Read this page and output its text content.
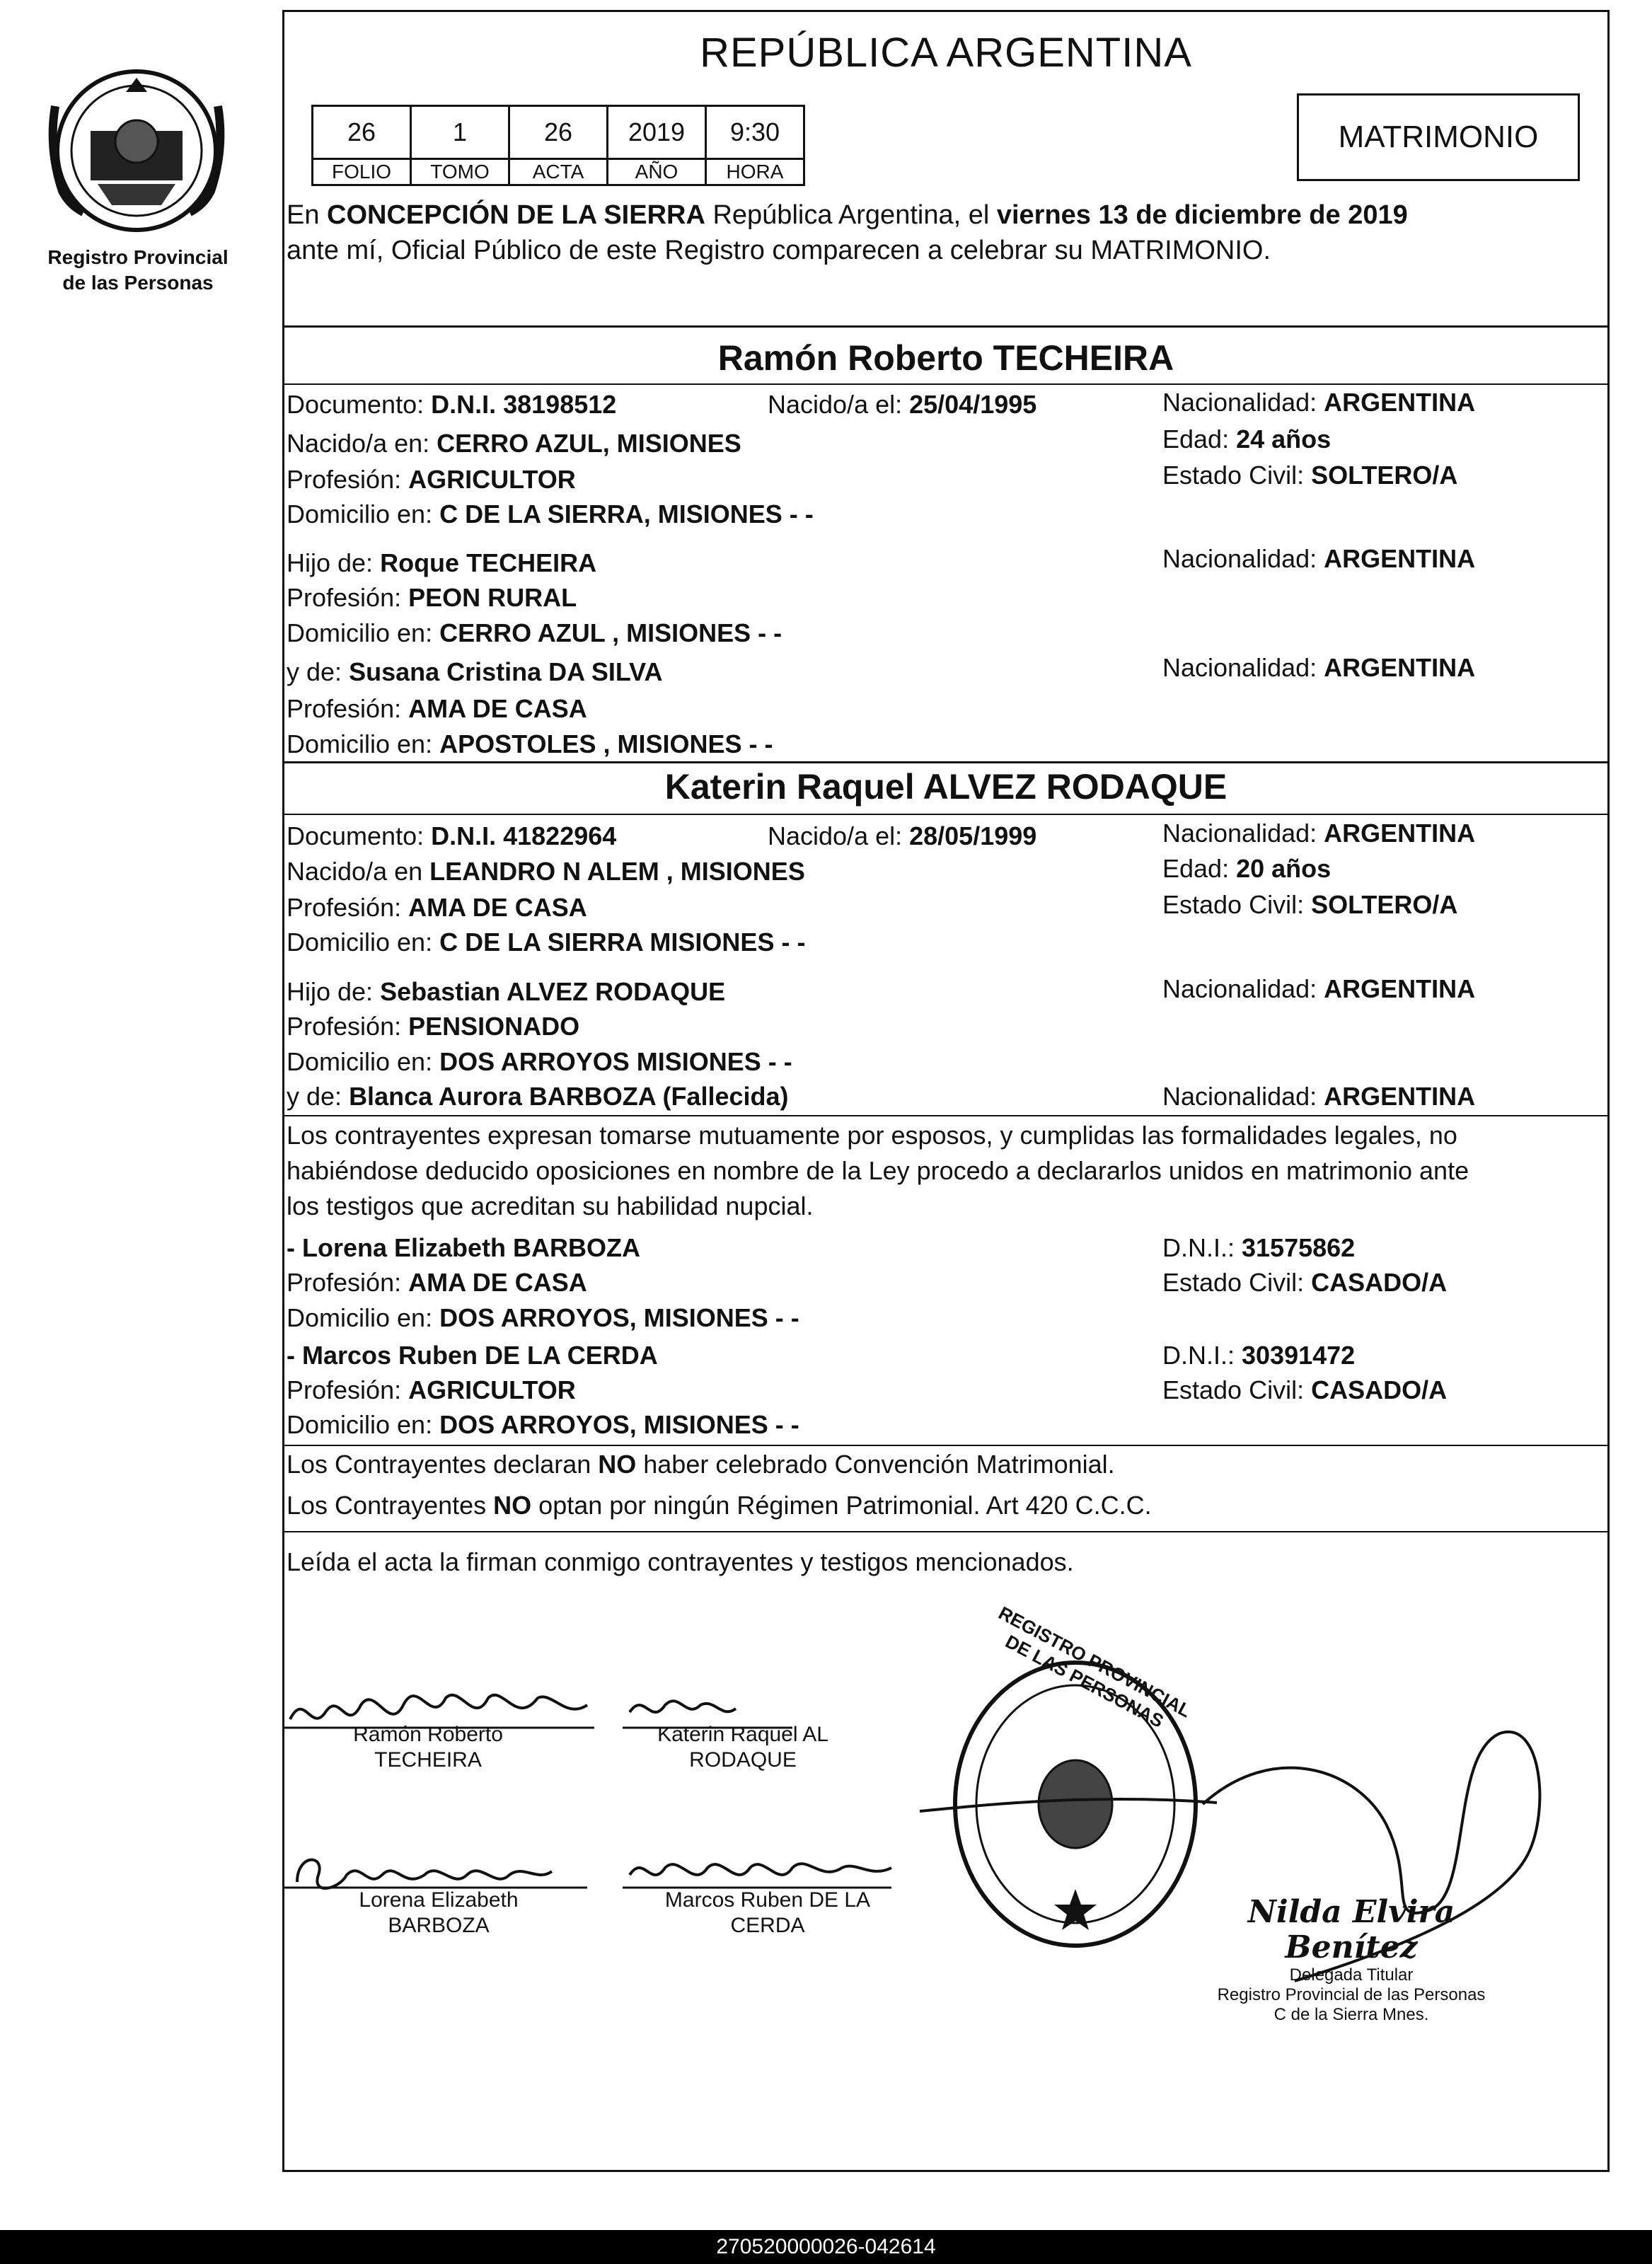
Registro Provincial
de las Personas
REPÚBLICA ARGENTINA
26	1	26	2019	9:30
FOLIO	TOMO	ACTA	AÑO	HORA
MATRIMONIO
En CONCEPCIÓN DE LA SIERRA República Argentina, el viernes 13 de diciembre de 2019
ante mí, Oficial Público de este Registro comparecen a celebrar su MATRIMONIO.
Ramón Roberto TECHEIRA
Documento: D.N.I. 38198512	Nacido/a el: 25/04/1995	Nacionalidad: ARGENTINA
Nacido/a en: CERRO AZUL, MISIONES	Edad: 24 años
Profesión: AGRICULTOR	Estado Civil: SOLTERO/A
Domicilio en: C DE LA SIERRA, MISIONES - -
Hijo de: Roque TECHEIRA	Nacionalidad: ARGENTINA
Profesión: PEON RURAL
Domicilio en: CERRO AZUL , MISIONES - -
y de: Susana Cristina DA SILVA	Nacionalidad: ARGENTINA
Profesión: AMA DE CASA
Domicilio en: APOSTOLES , MISIONES - -
Katerin Raquel ALVEZ RODAQUE
Documento: D.N.I. 41822964	Nacido/a el: 28/05/1999	Nacionalidad: ARGENTINA
Nacido/a en LEANDRO N ALEM , MISIONES	Edad: 20 años
Profesión: AMA DE CASA	Estado Civil: SOLTERO/A
Domicilio en: C DE LA SIERRA MISIONES - -
Hijo de: Sebastian ALVEZ RODAQUE	Nacionalidad: ARGENTINA
Profesión: PENSIONADO
Domicilio en: DOS ARROYOS MISIONES - -
y de: Blanca Aurora BARBOZA (Fallecida)	Nacionalidad: ARGENTINA
Los contrayentes expresan tomarse mutuamente por esposos, y cumplidas las formalidades legales, no
habiéndose deducido oposiciones en nombre de la Ley procedo a declararlos unidos en matrimonio ante
los testigos que acreditan su habilidad nupcial.
- Lorena Elizabeth BARBOZA	D.N.I.: 31575862
Profesión: AMA DE CASA	Estado Civil: CASADO/A
Domicilio en: DOS ARROYOS, MISIONES - -
- Marcos Ruben DE LA CERDA	D.N.I.: 30391472
Profesión: AGRICULTOR	Estado Civil: CASADO/A
Domicilio en: DOS ARROYOS, MISIONES - -
Los Contrayentes declaran NO haber celebrado Convención Matrimonial.
Los Contrayentes NO optan por ningún Régimen Patrimonial. Art 420 C.C.C.
Leída el acta la firman conmigo contrayentes y testigos mencionados.
Ramón Roberto
TECHEIRA
Katerin Raquel AL
RODAQUE
Lorena Elizabeth
BARBOZA
Marcos Ruben DE LA
CERDA
REGISTRO PROVINCIAL DE LAS PERSONAS
Nilda Elvira Benítez
Delegada Titular
Registro Provincial de las Personas
C de la Sierra Mnes.
270520000026-042614
